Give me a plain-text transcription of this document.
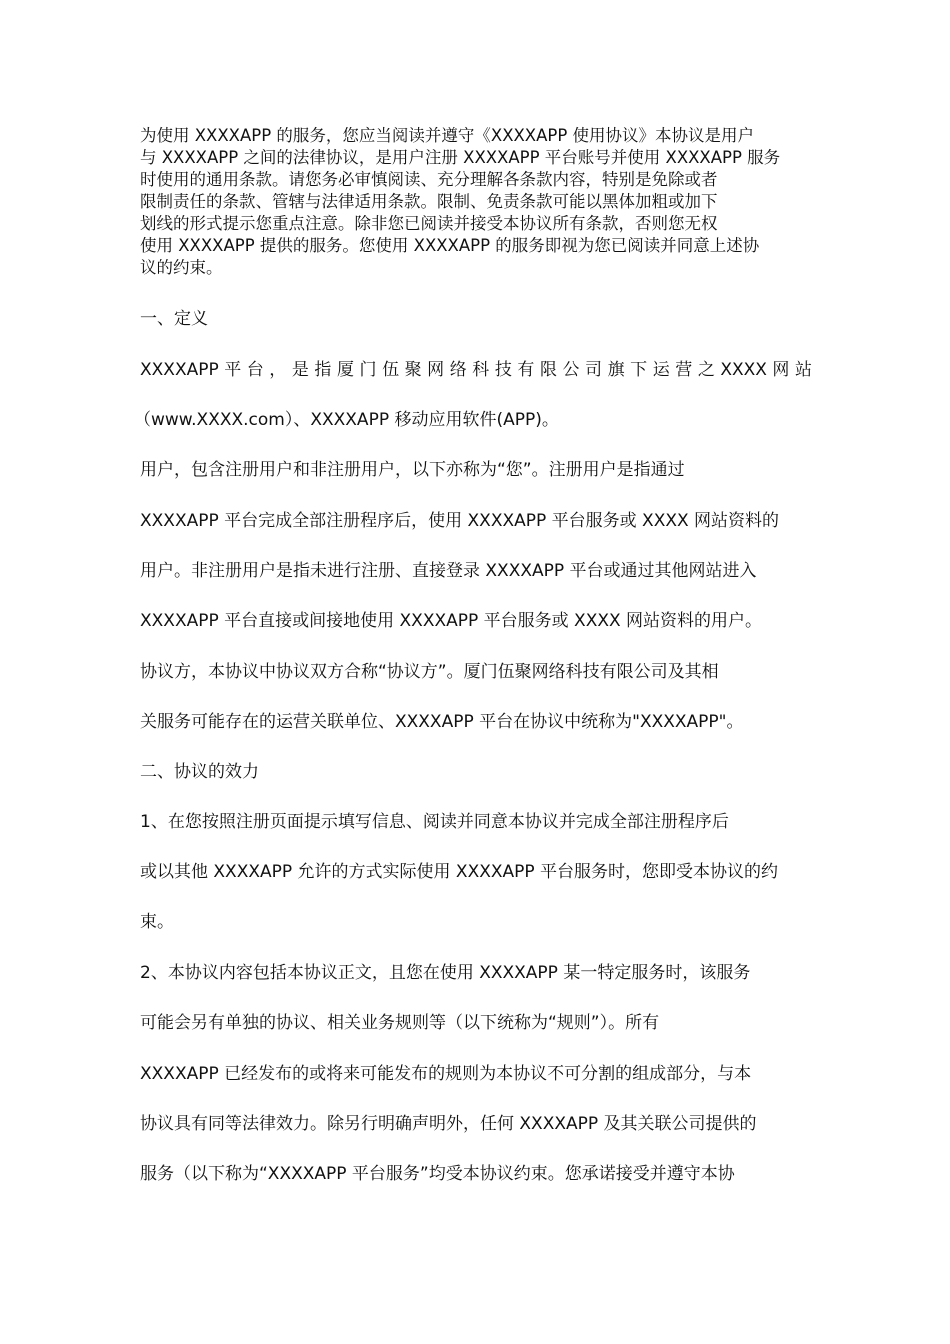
为使用 XXXXAPP 的服务，您应当阅读并遵守《XXXXAPP 使用协议》本协议是用户
与 XXXXAPP 之间的法律协议，是用户注册 XXXXAPP 平台账号并使用 XXXXAPP 服务
时使用的通用条款。请您务必审慎阅读、充分理解各条款内容，特别是免除或者
限制责任的条款、管辖与法律适用条款。限制、免责条款可能以黑体加粗或加下
划线的形式提示您重点注意。除非您已阅读并接受本协议所有条款，否则您无权
使用 XXXXAPP 提供的服务。您使用 XXXXAPP 的服务即视为您已阅读并同意上述协
议的约束。
一、定义
XXXXAPP 平 台 ， 是 指 厦 门 伍 聚 网 络 科 技 有 限 公 司 旗 下 运 营 之 XXXX 网 站
（www.XXXX.com）、XXXXAPP 移动应用软件(APP)。
用户，包含注册用户和非注册用户，以下亦称为“您”。注册用户是指通过
XXXXAPP 平台完成全部注册程序后，使用 XXXXAPP 平台服务或 XXXX 网站资料的
用户。非注册用户是指未进行注册、直接登录 XXXXAPP 平台或通过其他网站进入
XXXXAPP 平台直接或间接地使用 XXXXAPP 平台服务或 XXXX 网站资料的用户。
协议方，本协议中协议双方合称“协议方”。厦门伍聚网络科技有限公司及其相
关服务可能存在的运营关联单位、XXXXAPP 平台在协议中统称为"XXXXAPP"。
二、协议的效力
1、在您按照注册页面提示填写信息、阅读并同意本协议并完成全部注册程序后
或以其他 XXXXAPP 允许的方式实际使用 XXXXAPP 平台服务时，您即受本协议的约
束。
2、本协议内容包括本协议正文，且您在使用 XXXXAPP 某一特定服务时，该服务
可能会另有单独的协议、相关业务规则等（以下统称为“规则”）。所有
XXXXAPP 已经发布的或将来可能发布的规则为本协议不可分割的组成部分，与本
协议具有同等法律效力。除另行明确声明外，任何 XXXXAPP 及其关联公司提供的
服务（以下称为“XXXXAPP 平台服务”均受本协议约束。您承诺接受并遵守本协
